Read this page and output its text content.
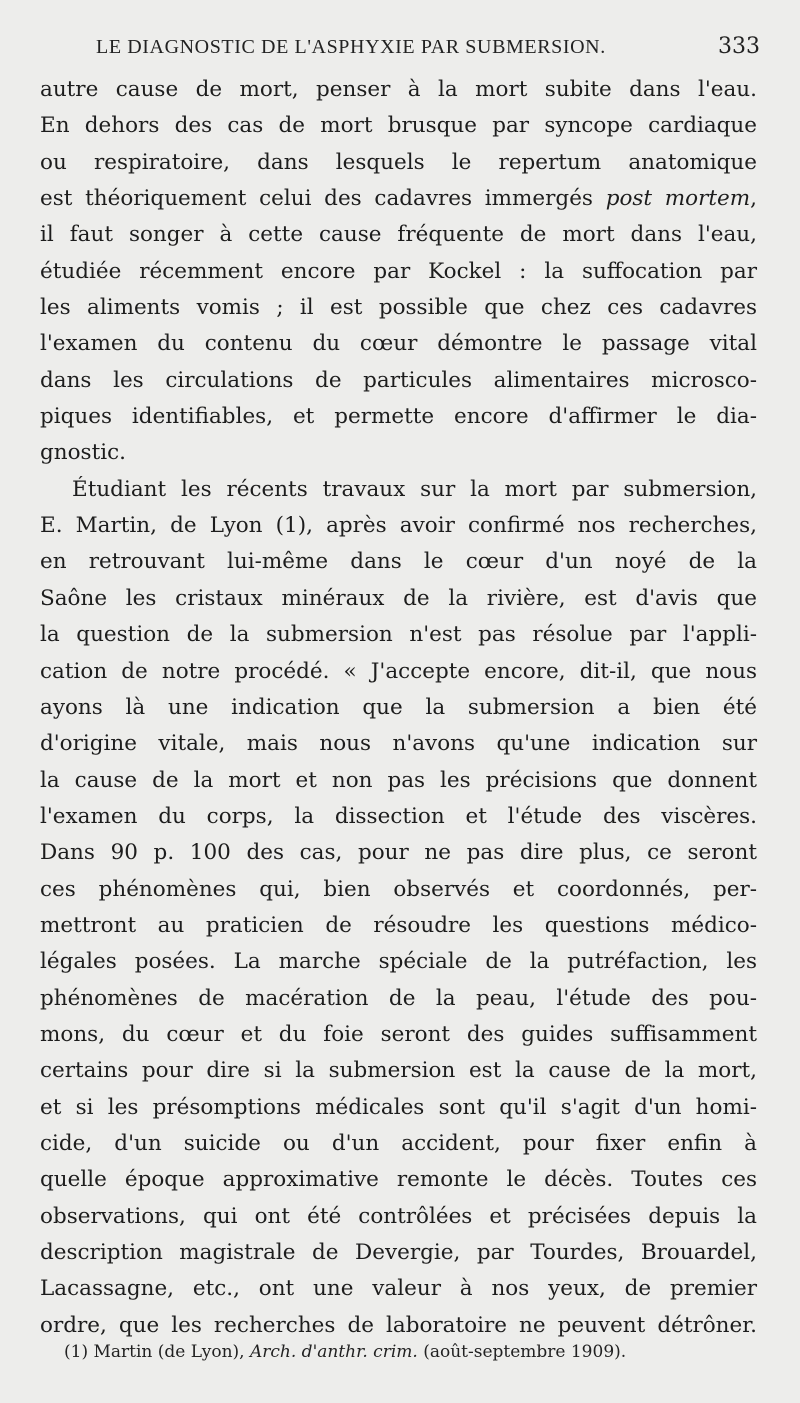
LE DIAGNOSTIC DE L'ASPHYXIE PAR SUBMERSION.	333
autre cause de mort, penser à la mort subite dans l'eau.
En dehors des cas de mort brusque par syncope cardiaque
ou respiratoire, dans lesquels le repertum anatomique
est théoriquement celui des cadavres immergés post mortem,
il faut songer à cette cause fréquente de mort dans l'eau,
étudiée récemment encore par Kockel : la suffocation par
les aliments vomis ; il est possible que chez ces cadavres
l'examen du contenu du cœur démontre le passage vital
dans les circulations de particules alimentaires microsco-
piques identifiables, et permette encore d'affirmer le dia-
gnostic.
Étudiant les récents travaux sur la mort par submersion,
E. Martin, de Lyon (1), après avoir confirmé nos recherches,
en retrouvant lui-même dans le cœur d'un noyé de la
Saône les cristaux minéraux de la rivière, est d'avis que
la question de la submersion n'est pas résolue par l'appli-
cation de notre procédé. « J'accepte encore, dit-il, que nous
ayons là une indication que la submersion a bien été
d'origine vitale, mais nous n'avons qu'une indication sur
la cause de la mort et non pas les précisions que donnent
l'examen du corps, la dissection et l'étude des viscères.
Dans 90 p. 100 des cas, pour ne pas dire plus, ce seront
ces phénomènes qui, bien observés et coordonnés, per-
mettront au praticien de résoudre les questions médico-
légales posées. La marche spéciale de la putréfaction, les
phénomènes de macération de la peau, l'étude des pou-
mons, du cœur et du foie seront des guides suffisamment
certains pour dire si la submersion est la cause de la mort,
et si les présomptions médicales sont qu'il s'agit d'un homi-
cide, d'un suicide ou d'un accident, pour fixer enfin à
quelle époque approximative remonte le décès. Toutes ces
observations, qui ont été contrôlées et précisées depuis la
description magistrale de Devergie, par Tourdes, Brouardel,
Lacassagne, etc., ont une valeur à nos yeux, de premier
ordre, que les recherches de laboratoire ne peuvent détrôner.
(1) Martin (de Lyon), Arch. d'anthr. crim. (août-septembre 1909).
